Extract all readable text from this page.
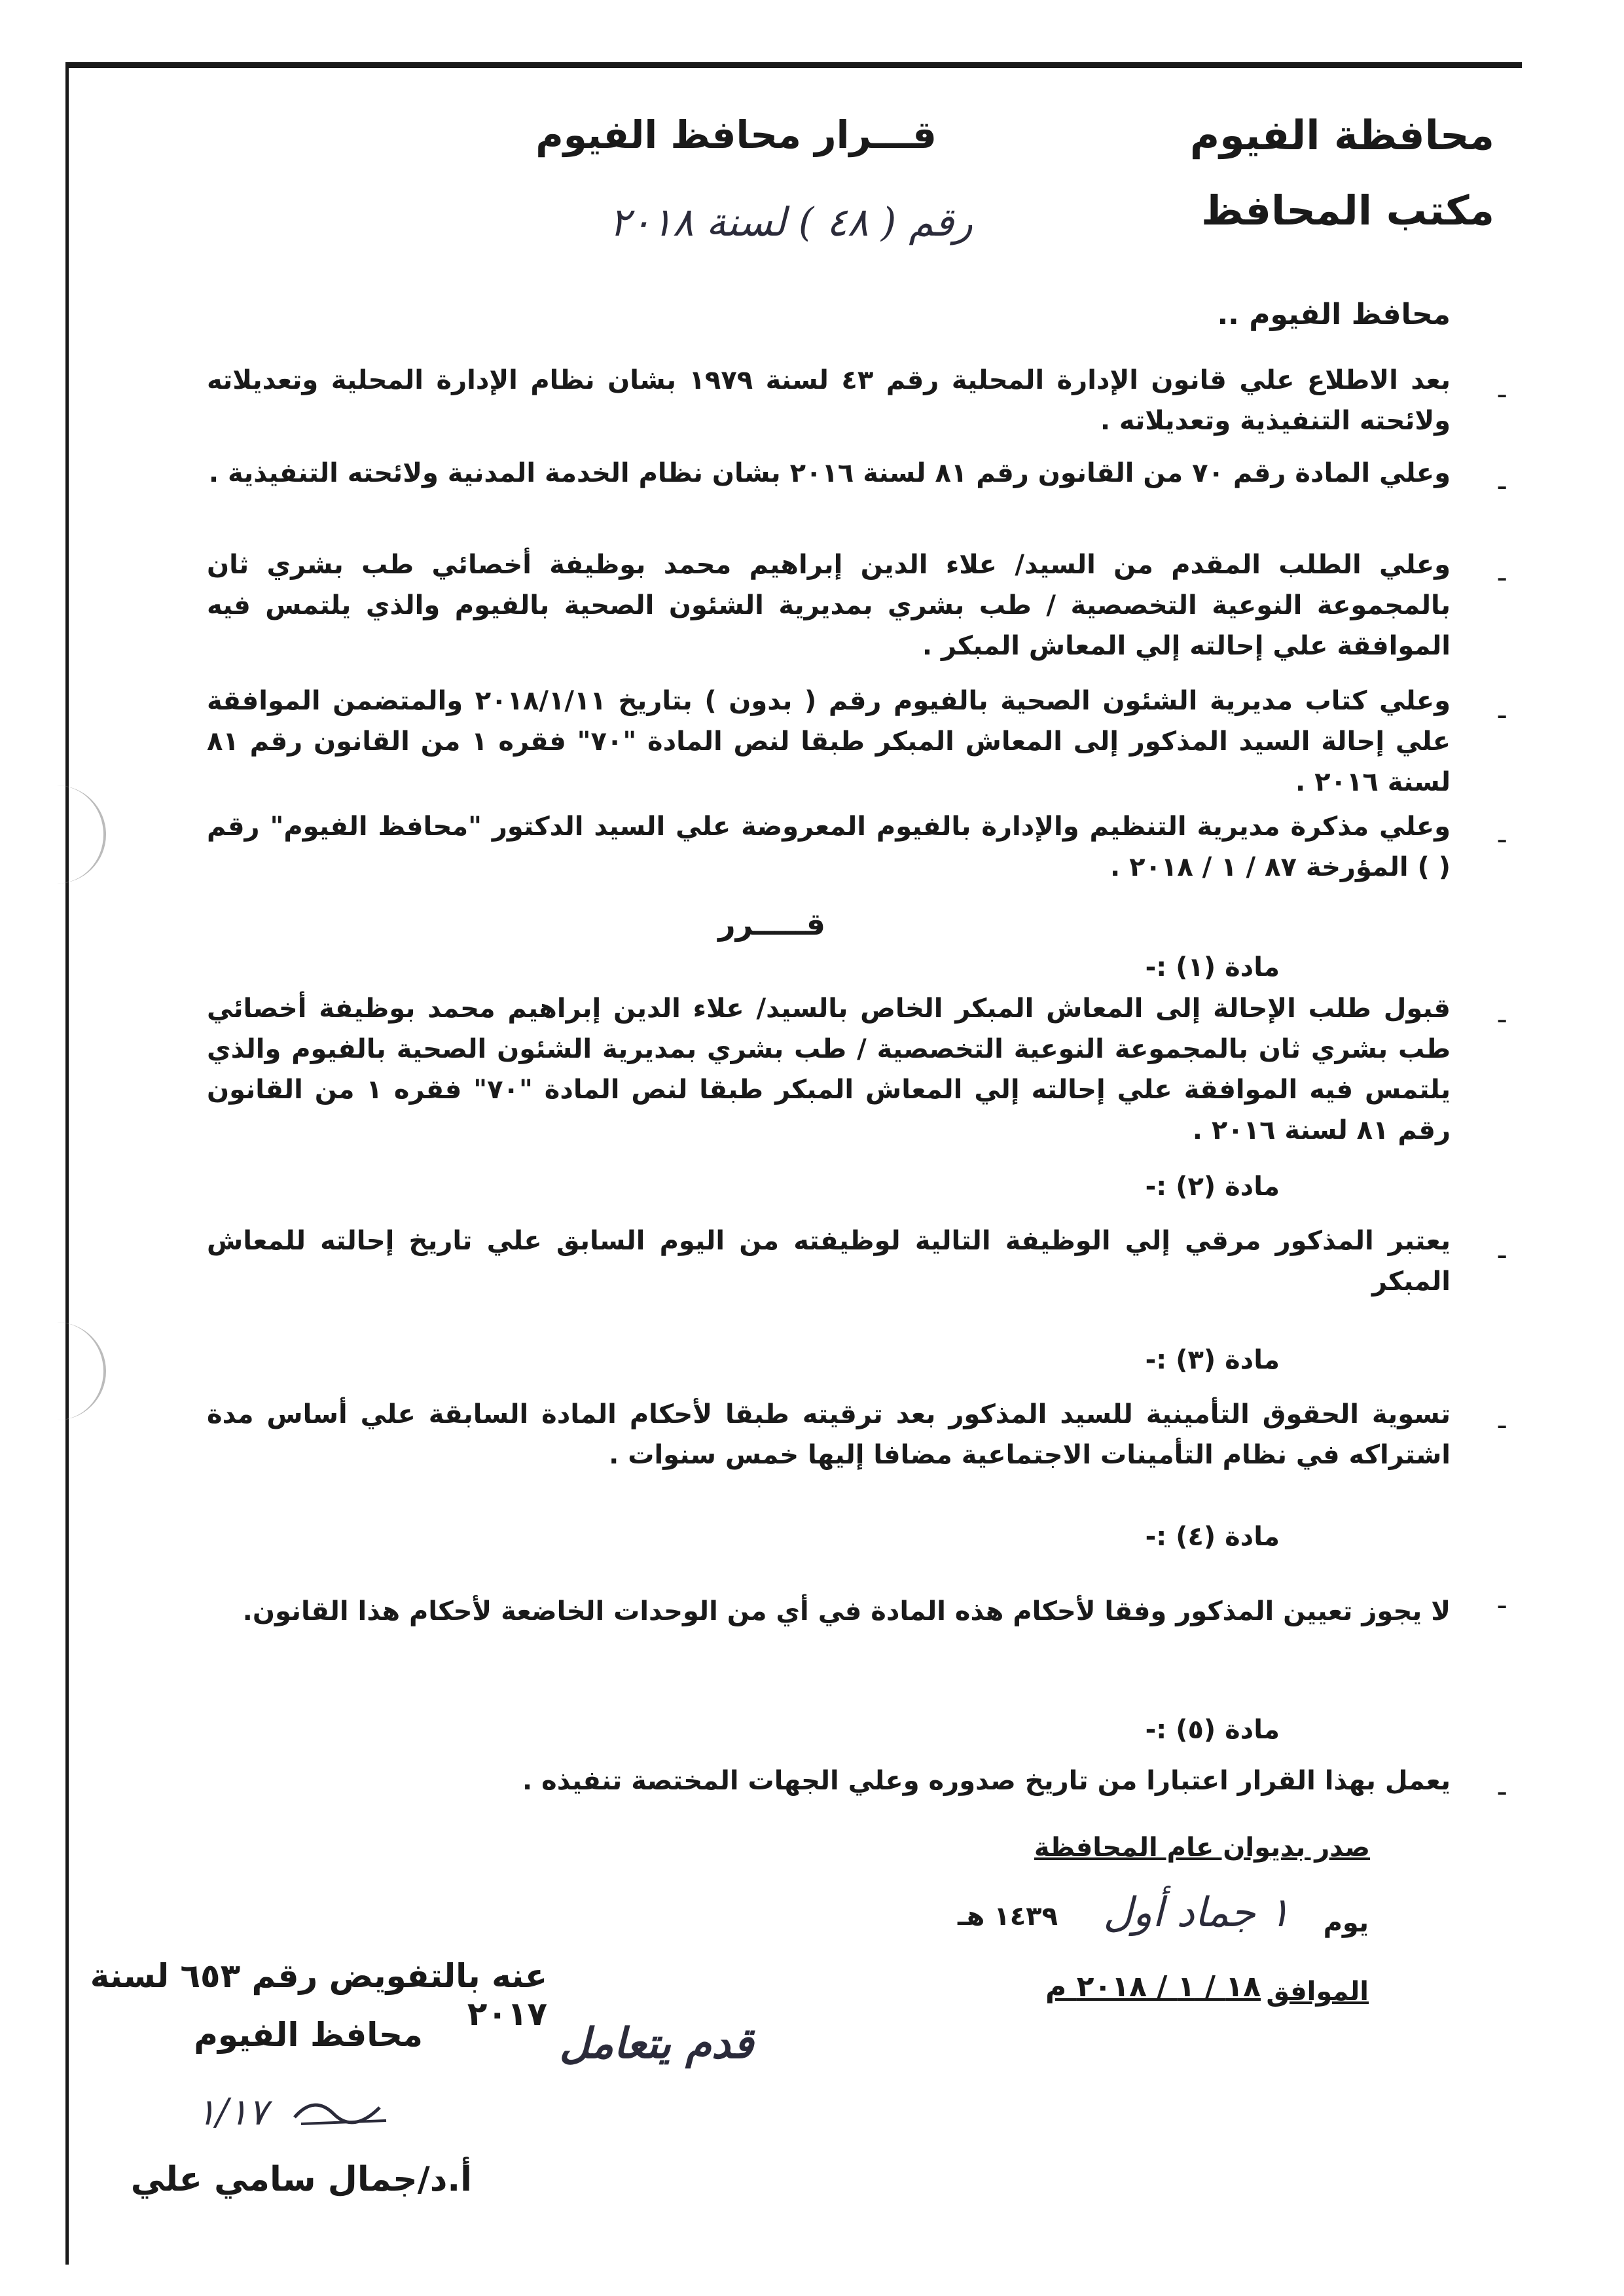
محافظة الفيوم
مكتب المحافظ
قـــرار محافظ الفيوم
رقم ( ٤٨ ) لسنة ٢٠١٨
محافظ الفيوم ..
-
بعد الاطلاع علي قانون الإدارة المحلية رقم ٤٣ لسنة ١٩٧٩ بشان نظام الإدارة المحلية وتعديلاته ولائحته التنفيذية وتعديلاته .
-
وعلي المادة رقم ٧٠ من القانون رقم ٨١ لسنة ٢٠١٦ بشان نظام الخدمة المدنية ولائحته التنفيذية .
-
وعلي الطلب المقدم من السيد/ علاء الدين إبراهيم محمد بوظيفة أخصائي طب بشري ثان بالمجموعة النوعية التخصصية / طب بشري بمديرية الشئون الصحية بالفيوم والذي يلتمس فيه الموافقة علي إحالته إلي المعاش المبكر .
-
وعلي كتاب مديرية الشئون الصحية بالفيوم رقم ( بدون ) بتاريخ ٢٠١٨/١/١١ والمتضمن الموافقة علي إحالة السيد المذكور إلى المعاش المبكر طبقا لنص المادة "٧٠" فقره ١ من القانون رقم ٨١ لسنة ٢٠١٦ .
-
وعلي مذكرة مديرية التنظيم والإدارة بالفيوم المعروضة علي السيد الدكتور "محافظ الفيوم" رقم ( ) المؤرخة ٨٧ / ١ / ٢٠١٨ .
قـــــرر
مادة (١) :-
-
قبول طلب الإحالة إلى المعاش المبكر الخاص بالسيد/ علاء الدين إبراهيم محمد بوظيفة أخصائي طب بشري ثان بالمجموعة النوعية التخصصية / طب بشري بمديرية الشئون الصحية بالفيوم والذي يلتمس فيه الموافقة علي إحالته إلي المعاش المبكر طبقا لنص المادة "٧٠" فقره ١ من القانون رقم ٨١ لسنة ٢٠١٦ .
مادة (٢) :-
-
يعتبر المذكور مرقي إلي الوظيفة التالية لوظيفته من اليوم السابق علي تاريخ إحالته للمعاش المبكر
مادة (٣) :-
-
تسوية الحقوق التأمينية للسيد المذكور بعد ترقيته طبقا لأحكام المادة السابقة علي أساس مدة اشتراكه في نظام التأمينات الاجتماعية مضافا إليها خمس سنوات .
مادة (٤) :-
-
لا يجوز تعيين المذكور وفقا لأحكام هذه المادة في أي من الوحدات الخاضعة لأحكام هذا القانون.
مادة (٥) :-
-
يعمل بهذا القرار اعتبارا من تاريخ صدوره وعلي الجهات المختصة تنفيذه .
صدر بديوان عام المحافظة
يوم
١ جماد أول
١٤٣٩ هـ
الموافق
١٨ / ١ / ٢٠١٨ م
عنه بالتفويض رقم ٦٥٣ لسنة ٢٠١٧
محافظ الفيوم	قدم يتعامل
١/١٧
أ.د/جمال سامي علي
